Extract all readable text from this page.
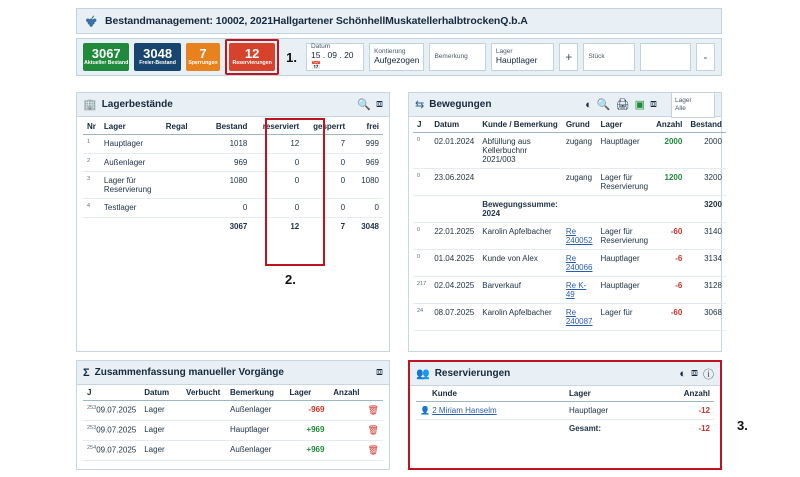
Bestandmanagement: 10002, 2021Hallgartener SchönhellMuskatellerhalbtrockenQ.b.A
3067
Aktueller Bestand
3048
Freier-Bestand
7
Sperrungen
12
Reservierungen 1.
Datum
15 . 09 . 20 📅
Kontierung
Aufgezogen Bemerkung
Lager
Hauptlager	+	Stück	-
🏢 Lagerbestände	🔍 ⧈
Nr	Lager	Regal	Bestand	reserviert	gesperrt	frei
$^1$	Hauptlager		1018	12	7	999
$^2$	Außenlager		969	0	0	969
$^3$	Lager für Reservierung		1080	0	0	1080
$^4$	Testlager		0	0	0	0
			3067	12	7	3048
2.
⇆ Bewegungen	◐ 🔍 🖨 ▣ ⧈	Lager
Alle
J	Datum	Kunde / Bemerkung	Grund	Lager	Anzahl	Bestand
$^0$	02.01.2024	Abfüllung aus Kellerbuchnr 2021/003	zugang	Hauptlager	2000	2000
$^0$	23.06.2024		zugang	Lager für Reservierung	1200	3200
		Bewegungssumme: 2024				3200
$^0$	22.01.2025	Karolin Apfelbacher	Re 240052	Lager für Reservierung	-60	3140
$^0$	01.04.2025	Kunde von Alex	Re 240066	Hauptlager	-6	3134
$^{217}$	02.04.2025	Barverkauf	Re K-49	Hauptlager	-6	3128
$^{24}$	08.07.2025	Karolin Apfelbacher	Re 240087	Lager für	-60	3068
Σ Zusammenfassung manueller Vorgänge	⧈
J	Datum	Verbucht	Bemerkung	Lager	Anzahl	
$^{253}$09.07.2025	Lager		Außenlager	-969		🗑
$^{253}$09.07.2025	Lager		Hauptlager	+969		🗑
$^{254}$09.07.2025	Lager		Außenlager	+969		🗑
👥 Reservierungen	◐ ⧈ ⓘ
Kunde	Lager	Anzahl
👤 2 Miriam Hanselm	Hauptlager	-12
	Gesamt:	-12 3.
